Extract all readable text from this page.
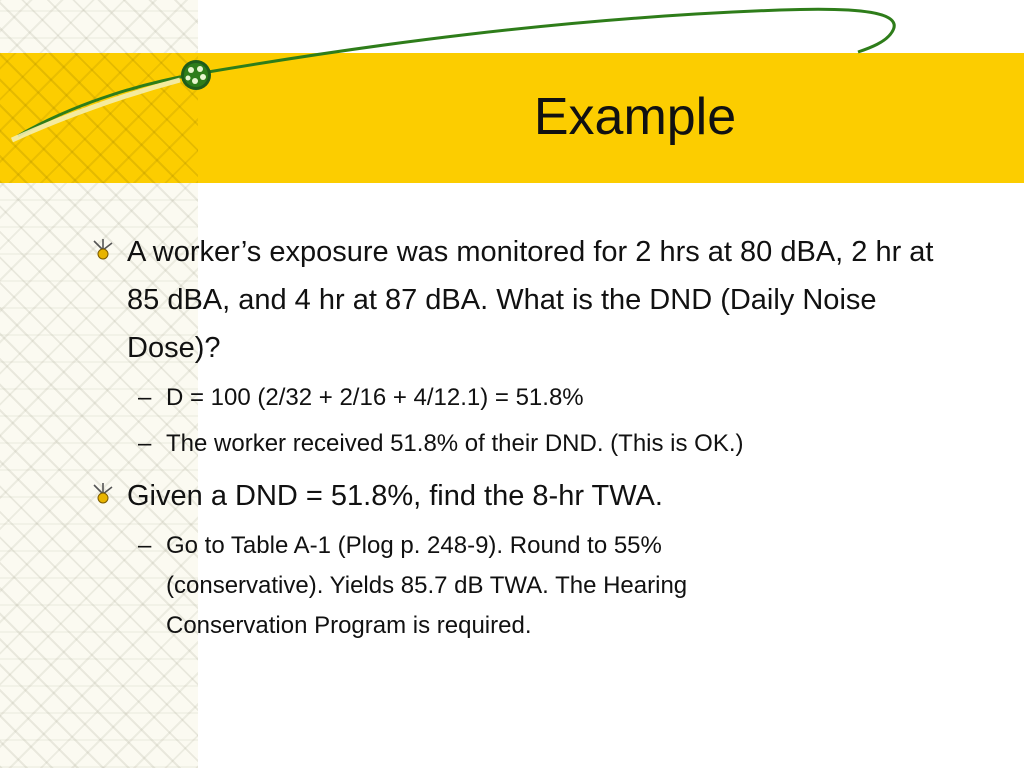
Example
A worker’s exposure was monitored for 2 hrs at 80 dBA, 2 hr at 85 dBA, and 4 hr at 87 dBA. What is the DND (Daily Noise Dose)?
– D = 100 (2/32 + 2/16 + 4/12.1) = 51.8%
– The worker received 51.8% of their DND. (This is OK.)
Given a DND = 51.8%, find the 8-hr TWA.
– Go to Table A-1 (Plog p. 248-9). Round to 55% (conservative). Yields 85.7 dB TWA. The Hearing Conservation Program is required.
